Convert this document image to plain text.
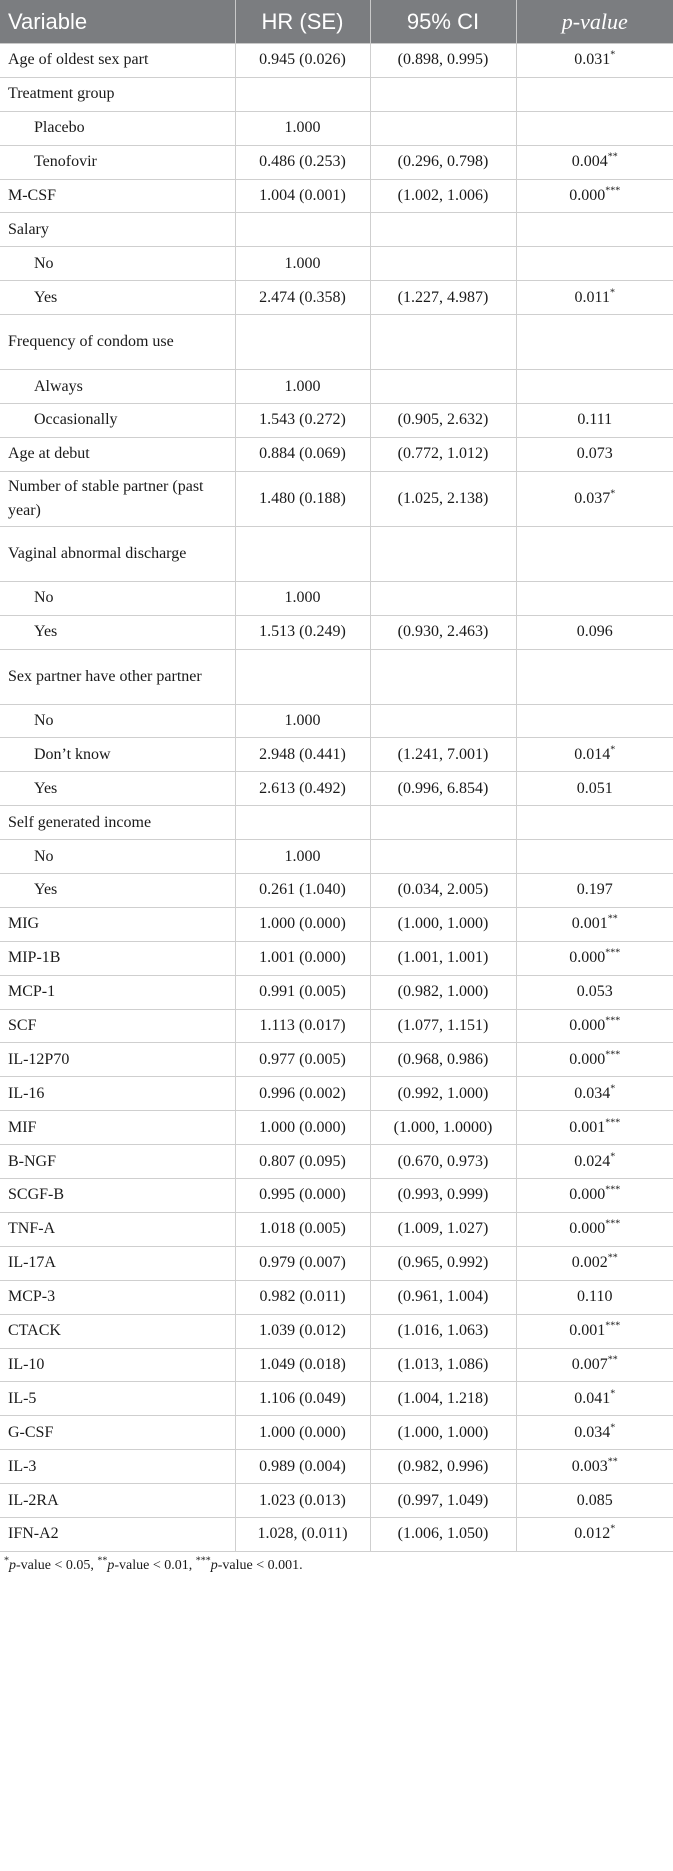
Variable	HR (SE)	95% CI	p-value
Age of oldest sex part	0.945 (0.026)	(0.898, 0.995)	0.031*
Treatment group			
Placebo	1.000		
Tenofovir	0.486 (0.253)	(0.296, 0.798)	0.004**
M-CSF	1.004 (0.001)	(1.002, 1.006)	0.000***
Salary			
No	1.000		
Yes	2.474 (0.358)	(1.227, 4.987)	0.011*
Frequency of condom use			
Always	1.000		
Occasionally	1.543 (0.272)	(0.905, 2.632)	0.111
Age at debut	0.884 (0.069)	(0.772, 1.012)	0.073
Number of stable partner (past year)	1.480 (0.188)	(1.025, 2.138)	0.037*
Vaginal abnormal discharge			
No	1.000		
Yes	1.513 (0.249)	(0.930, 2.463)	0.096
Sex partner have other partner			
No	1.000		
Don’t know	2.948 (0.441)	(1.241, 7.001)	0.014*
Yes	2.613 (0.492)	(0.996, 6.854)	0.051
Self generated income			
No	1.000		
Yes	0.261 (1.040)	(0.034, 2.005)	0.197
MIG	1.000 (0.000)	(1.000, 1.000)	0.001**
MIP-1B	1.001 (0.000)	(1.001, 1.001)	0.000***
MCP-1	0.991 (0.005)	(0.982, 1.000)	0.053
SCF	1.113 (0.017)	(1.077, 1.151)	0.000***
IL-12P70	0.977 (0.005)	(0.968, 0.986)	0.000***
IL-16	0.996 (0.002)	(0.992, 1.000)	0.034*
MIF	1.000 (0.000)	(1.000, 1.0000)	0.001***
B-NGF	0.807 (0.095)	(0.670, 0.973)	0.024*
SCGF-B	0.995 (0.000)	(0.993, 0.999)	0.000***
TNF-A	1.018 (0.005)	(1.009, 1.027)	0.000***
IL-17A	0.979 (0.007)	(0.965, 0.992)	0.002**
MCP-3	0.982 (0.011)	(0.961, 1.004)	0.110
CTACK	1.039 (0.012)	(1.016, 1.063)	0.001***
IL-10	1.049 (0.018)	(1.013, 1.086)	0.007**
IL-5	1.106 (0.049)	(1.004, 1.218)	0.041*
G-CSF	1.000 (0.000)	(1.000, 1.000)	0.034*
IL-3	0.989 (0.004)	(0.982, 0.996)	0.003**
IL-2RA	1.023 (0.013)	(0.997, 1.049)	0.085
IFN-A2	1.028, (0.011)	(1.006, 1.050)	0.012*
*p-value < 0.05, **p-value < 0.01, ***p-value < 0.001.
